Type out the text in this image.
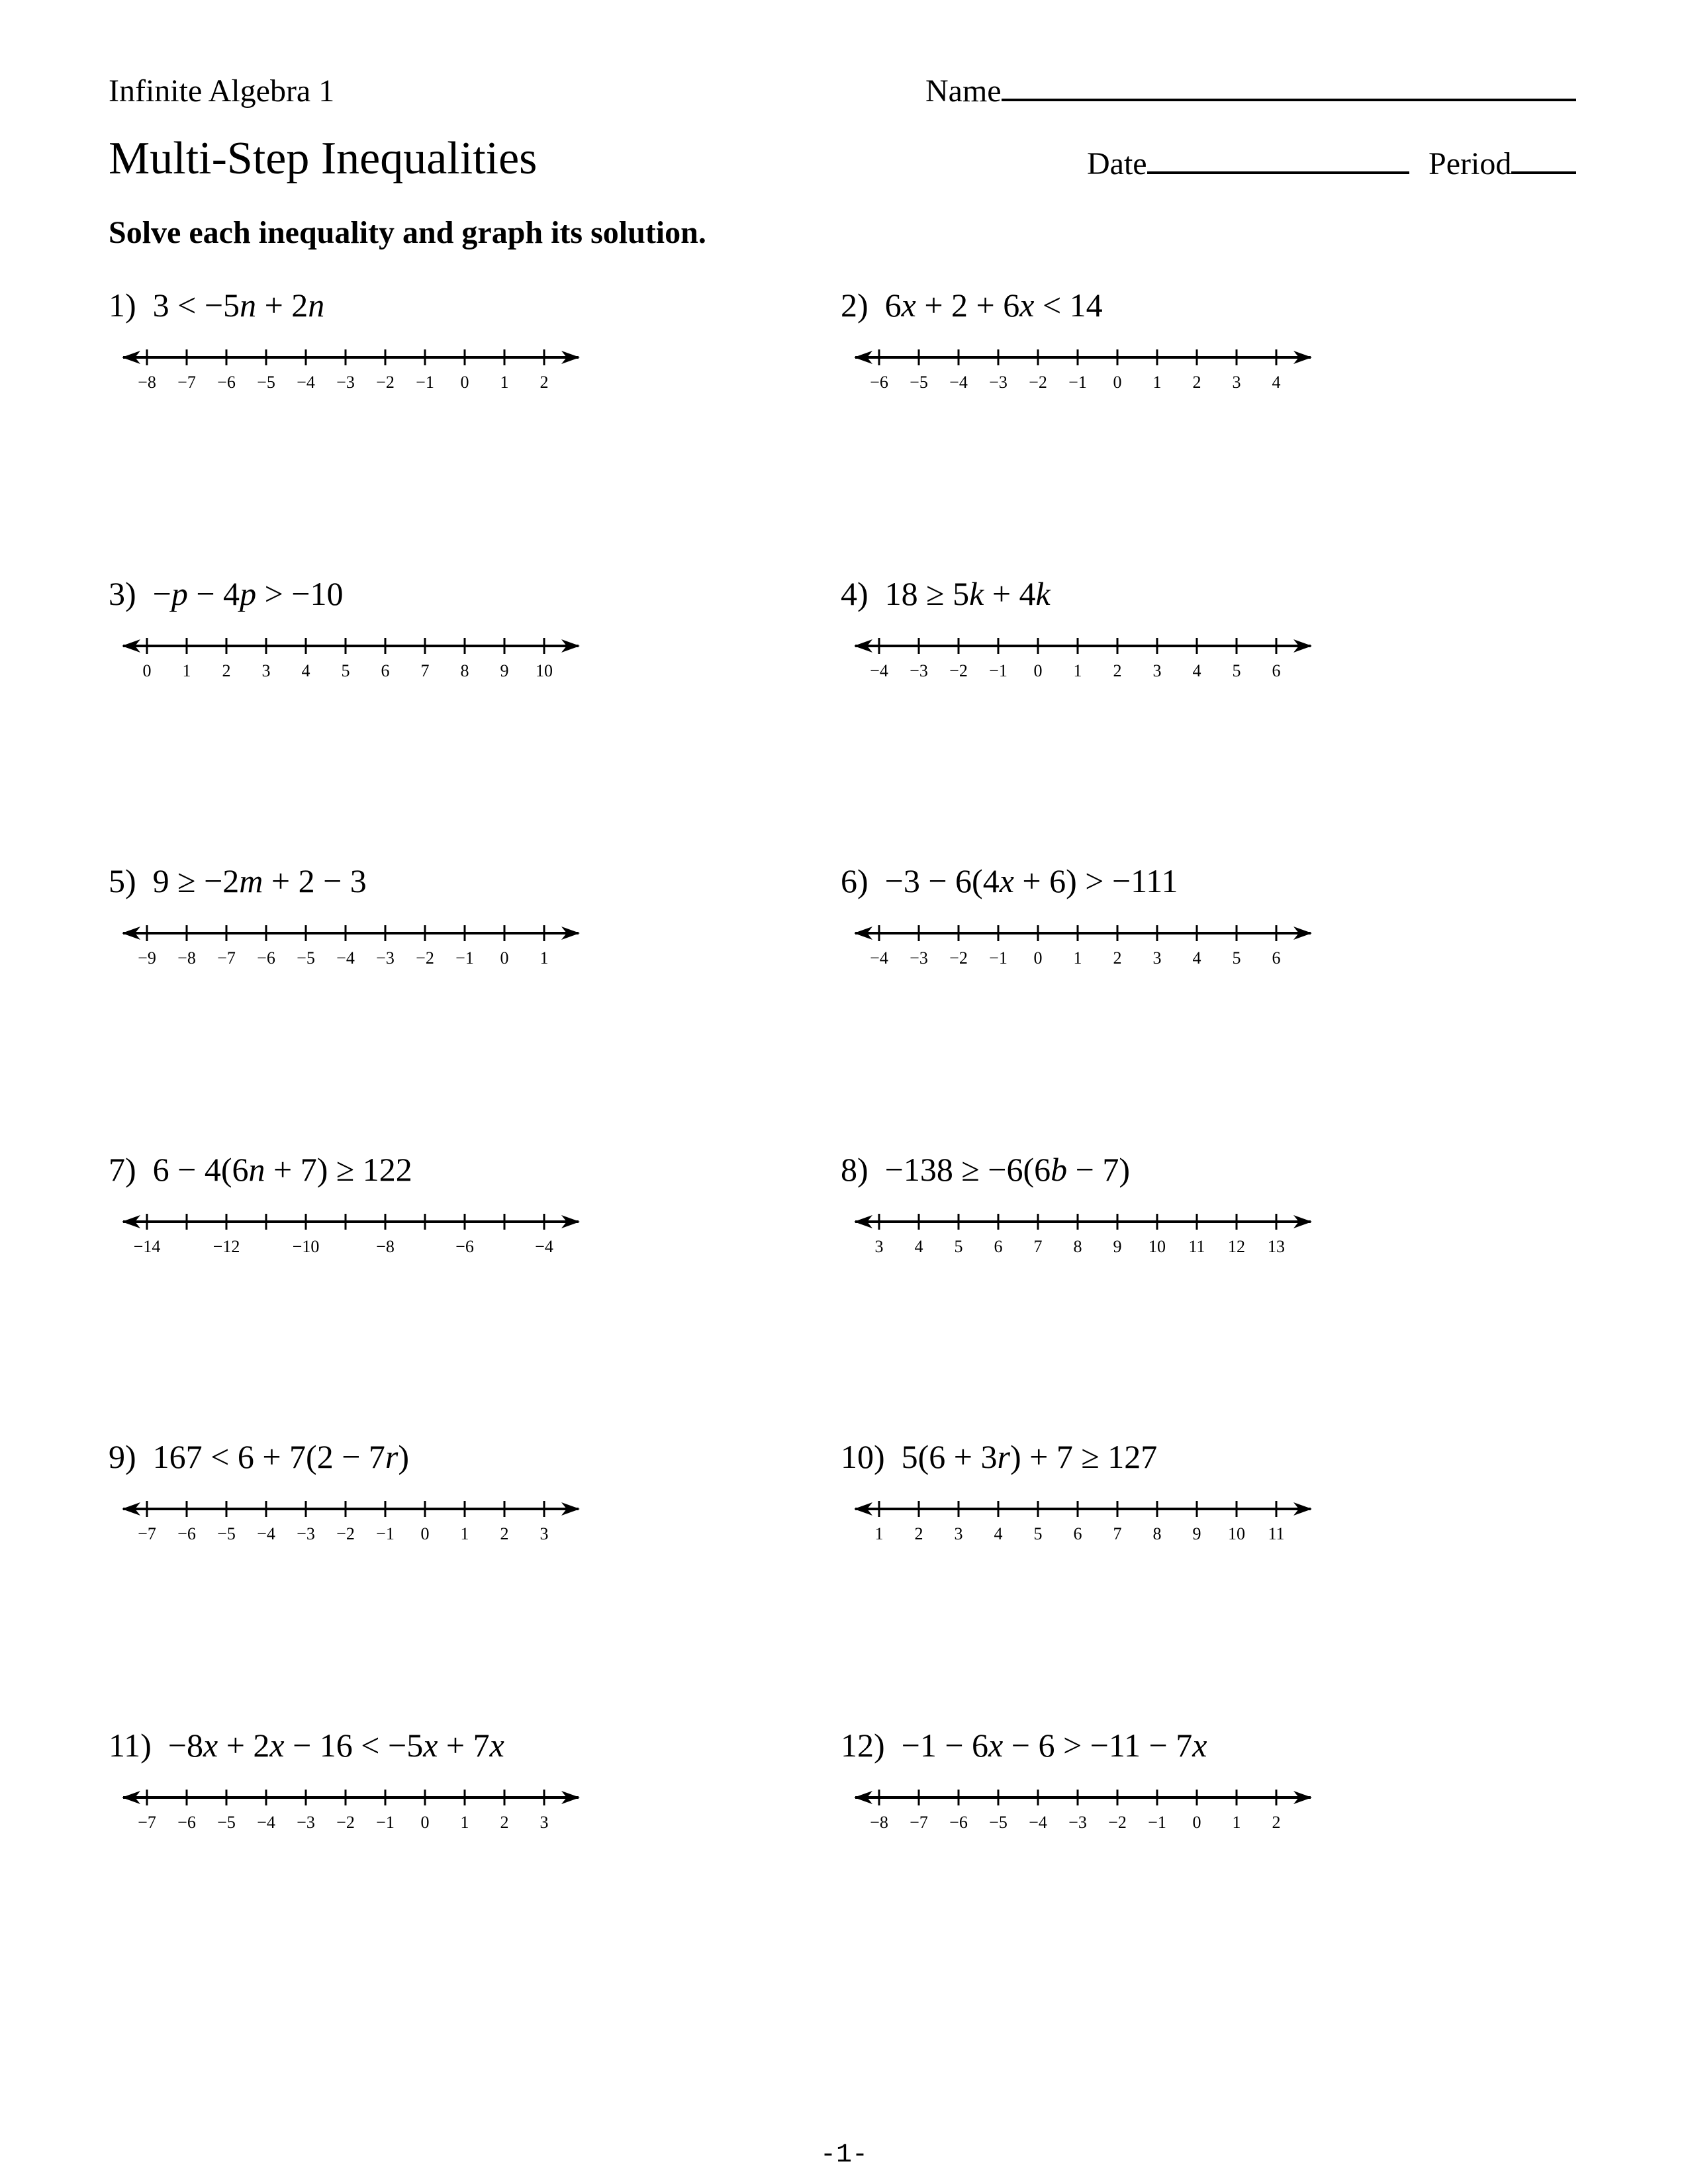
Infinite Algebra 1	Name
Multi-Step Inequalities	Date	Period
Solve each inequality and graph its solution.
1)  3 < −5n + 2n
−8 −7 −6 −5 −4 −3 −2 −1 0 1 2
2)  6x + 2 + 6x < 14
−6 −5 −4 −3 −2 −1 0 1 2 3 4
3)  −p − 4p > −10
0 1 2 3 4 5 6 7 8 9 10
4)  18 ≥ 5k + 4k
−4 −3 −2 −1 0 1 2 3 4 5 6
5)  9 ≥ −2m + 2 − 3
−9 −8 −7 −6 −5 −4 −3 −2 −1 0 1
6)  −3 − 6(4x + 6) > −111
−4 −3 −2 −1 0 1 2 3 4 5 6
7)  6 − 4(6n + 7) ≥ 122
−14	−12	−10	−8	−6	−4
8)  −138 ≥ −6(6b − 7)
3 4 5 6 7 8 9 10 11 12 13
9)  167 < 6 + 7(2 − 7r)
−7 −6 −5 −4 −3 −2 −1 0 1 2 3
10)  5(6 + 3r) + 7 ≥ 127
1 2 3 4 5 6 7 8 9 10 11
11)  −8x + 2x − 16 < −5x + 7x
−7 −6 −5 −4 −3 −2 −1 0 1 2 3
12)  −1 − 6x − 6 > −11 − 7x
−8 −7 −6 −5 −4 −3 −2 −1 0 1 2
-1-
